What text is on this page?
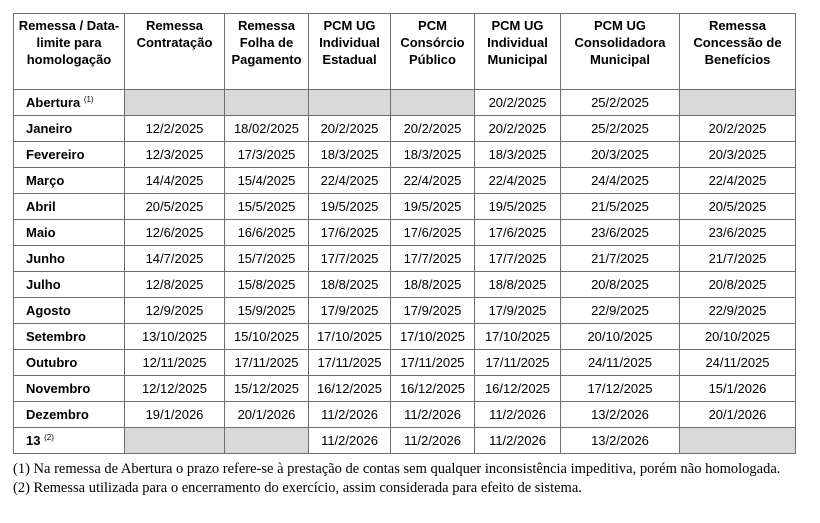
Remessa / Data-limite para homologação	Remessa Contratação	Remessa Folha de Pagamento	PCM UG Individual Estadual	PCM Consórcio Público	PCM UG Individual Municipal	PCM UG Consolidadora Municipal	Remessa Concessão de Benefícios
Abertura $^{(1)}$					20/2/2025	25/2/2025	
Janeiro	12/2/2025	18/02/2025	20/2/2025	20/2/2025	20/2/2025	25/2/2025	20/2/2025
Fevereiro	12/3/2025	17/3/2025	18/3/2025	18/3/2025	18/3/2025	20/3/2025	20/3/2025
Março	14/4/2025	15/4/2025	22/4/2025	22/4/2025	22/4/2025	24/4/2025	22/4/2025
Abril	20/5/2025	15/5/2025	19/5/2025	19/5/2025	19/5/2025	21/5/2025	20/5/2025
Maio	12/6/2025	16/6/2025	17/6/2025	17/6/2025	17/6/2025	23/6/2025	23/6/2025
Junho	14/7/2025	15/7/2025	17/7/2025	17/7/2025	17/7/2025	21/7/2025	21/7/2025
Julho	12/8/2025	15/8/2025	18/8/2025	18/8/2025	18/8/2025	20/8/2025	20/8/2025
Agosto	12/9/2025	15/9/2025	17/9/2025	17/9/2025	17/9/2025	22/9/2025	22/9/2025
Setembro	13/10/2025	15/10/2025	17/10/2025	17/10/2025	17/10/2025	20/10/2025	20/10/2025
Outubro	12/11/2025	17/11/2025	17/11/2025	17/11/2025	17/11/2025	24/11/2025	24/11/2025
Novembro	12/12/2025	15/12/2025	16/12/2025	16/12/2025	16/12/2025	17/12/2025	15/1/2026
Dezembro	19/1/2026	20/1/2026	11/2/2026	11/2/2026	11/2/2026	13/2/2026	20/1/2026
13 $^{(2)}$			11/2/2026	11/2/2026	11/2/2026	13/2/2026	

(1) Na remessa de Abertura o prazo refere-se à prestação de contas sem qualquer inconsistência impeditiva, porém não homologada.

(2) Remessa utilizada para o encerramento do exercício, assim considerada para efeito de sistema.
